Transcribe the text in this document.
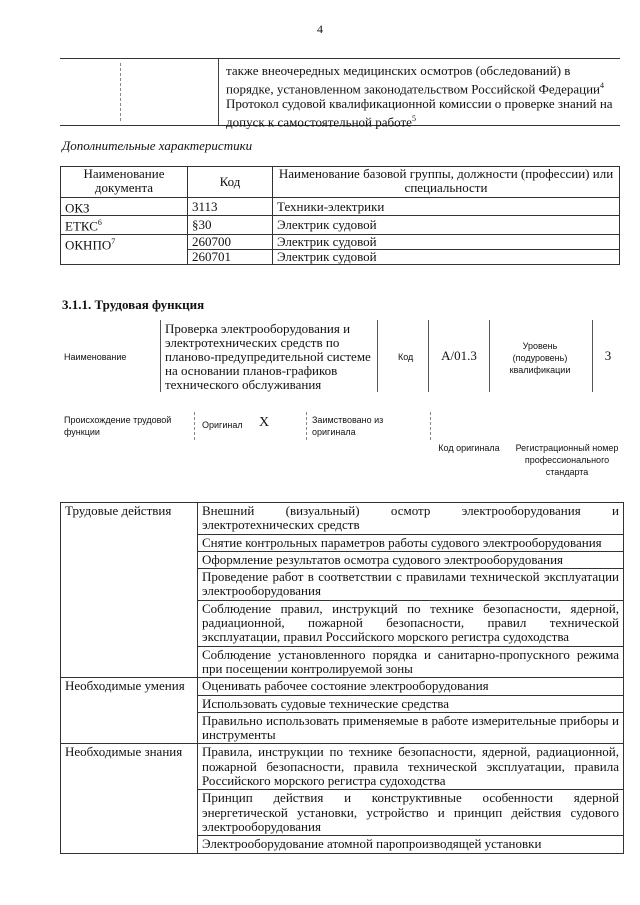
4
также внеочередных медицинских осмотров (обследований) в
порядке, установленном законодательством Российской Федерации$^4$
Протокол судовой квалификационной комиссии о проверке знаний на
допуск к самостоятельной работе$^5$
Дополнительные характеристики
Наименование документа	Код	Наименование базовой группы, должности (профессии) или специальности
ОКЗ	3113	Техники-электрики
ЕТКС$^6$	§30	Электрик судовой
ОКНПО$^7$	260700	Электрик судовой
	260701	Электрик судовой
3.1.1. Трудовая функция
Наименование
Проверка электрооборудования и электротехнических средств по планово-предупредительной системе на основании планов-графиков технического обслуживания
Код	A/01.3
Уровень (подуровень) квалификации
3
Происхождение трудовой функции
Оригинал X	Заимствовано из оригинала
Код оригинала	Регистрационный номер профессионального стандарта
Трудовые действия	Внешний (визуальный) осмотр электрооборудования и электротехнических средств
	Снятие контрольных параметров работы судового электрооборудования
	Оформление результатов осмотра судового электрооборудования
	Проведение работ в соответствии с правилами технической эксплуатации электрооборудования
	Соблюдение правил, инструкций по технике безопасности, ядерной, радиационной, пожарной безопасности, правил технической эксплуатации, правил Российского морского регистра судоходства
	Соблюдение установленного порядка и санитарно-пропускного режима при посещении контролируемой зоны
Необходимые умения	Оценивать рабочее состояние электрооборудования
	Использовать судовые технические средства
	Правильно использовать применяемые в работе измерительные приборы и инструменты
Необходимые знания	Правила, инструкции по технике безопасности, ядерной, радиационной, пожарной безопасности, правила технической эксплуатации, правила Российского морского регистра судоходства
	Принцип действия и конструктивные особенности ядерной энергетической установки, устройство и принцип действия судового электрооборудования
	Электрооборудование атомной паропроизводящей установки
